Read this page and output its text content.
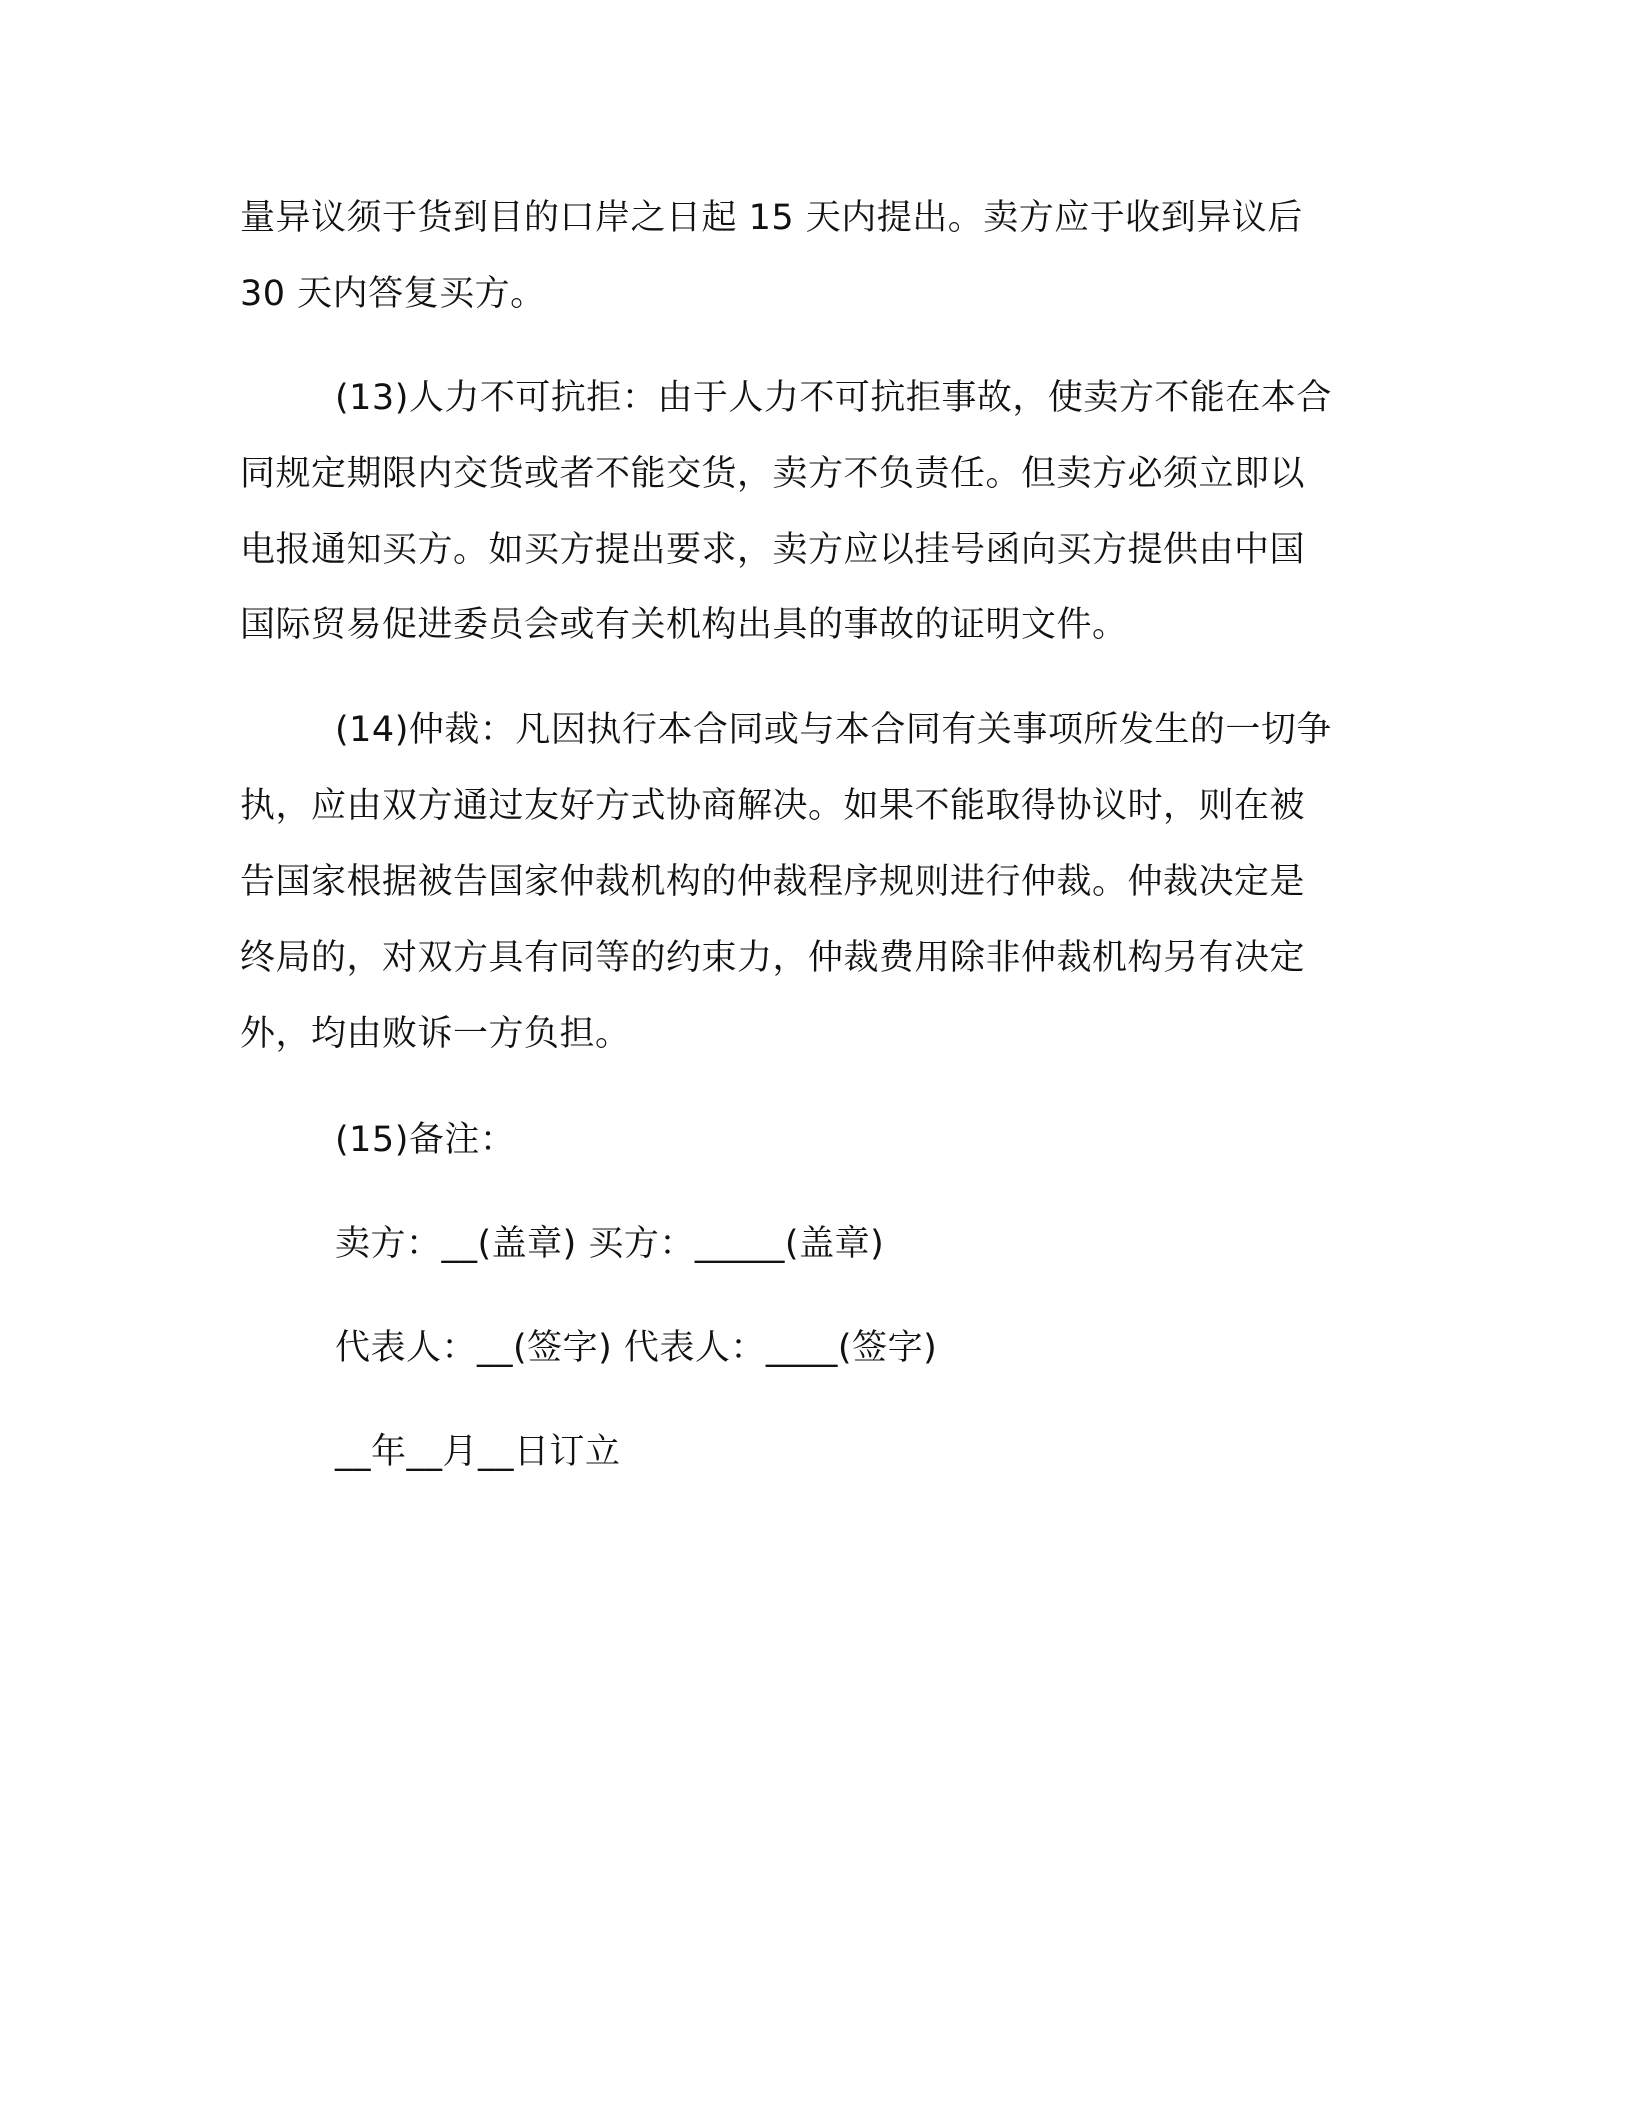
量异议须于货到目的口岸之日起 15 天内提出。卖方应于收到异议后
30 天内答复买方。
(13)人力不可抗拒：由于人力不可抗拒事故，使卖方不能在本合
同规定期限内交货或者不能交货，卖方不负责任。但卖方必须立即以
电报通知买方。如买方提出要求，卖方应以挂号函向买方提供由中国
国际贸易促进委员会或有关机构出具的事故的证明文件。
(14)仲裁：凡因执行本合同或与本合同有关事项所发生的一切争
执，应由双方通过友好方式协商解决。如果不能取得协议时，则在被
告国家根据被告国家仲裁机构的仲裁程序规则进行仲裁。仲裁决定是
终局的，对双方具有同等的约束力，仲裁费用除非仲裁机构另有决定
外，均由败诉一方负担。
(15)备注：
卖方：__(盖章) 买方：_____(盖章)
代表人：__(签字) 代表人：____(签字)
__年__月__日订立
